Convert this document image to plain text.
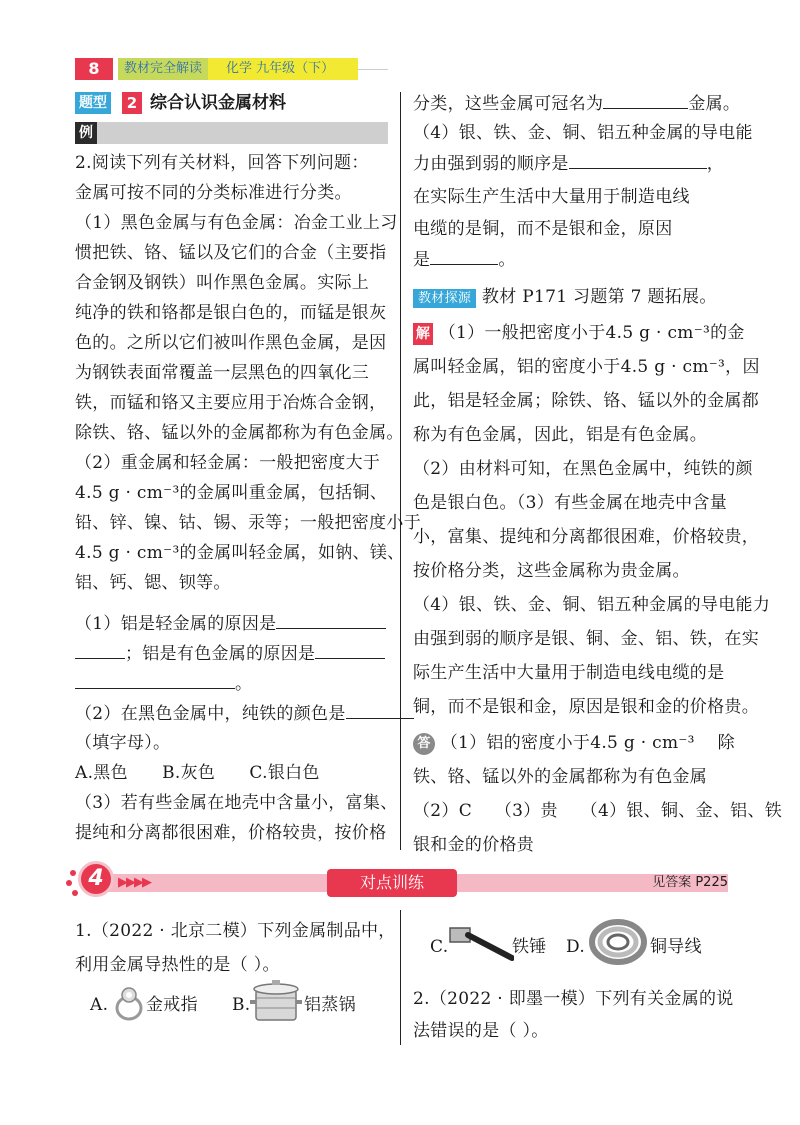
8	教材完全解读	化学 九年级（下）
题型	2 综合认识金属材料
例
2.阅读下列有关材料，回答下列问题：
金属可按不同的分类标准进行分类。
（1）黑色金属与有色金属：冶金工业上习
惯把铁、铬、锰以及它们的合金（主要指
合金钢及钢铁）叫作黑色金属。实际上
纯净的铁和铬都是银白色的，而锰是银灰
色的。之所以它们被叫作黑色金属，是因
为钢铁表面常覆盖一层黑色的四氧化三
铁，而锰和铬又主要应用于冶炼合金钢，
除铁、铬、锰以外的金属都称为有色金属。
（2）重金属和轻金属：一般把密度大于
4.5 g · cm⁻³的金属叫重金属，包括铜、
铅、锌、镍、钴、锡、汞等；一般把密度小于
4.5 g · cm⁻³的金属叫轻金属，如钠、镁、
铝、钙、锶、钡等。
（1）铝是轻金属的原因是
；铝是有色金属的原因是
。
（2）在黑色金属中，纯铁的颜色是
（填字母）。
A.黑色      B.灰色      C.银白色
（3）若有些金属在地壳中含量小，富集、
提纯和分离都很困难，价格较贵，按价格
分类，这些金属可冠名为	金属。
（4）银、铁、金、铜、铝五种金属的导电能
力由强到弱的顺序是	，
在实际生产生活中大量用于制造电线
电缆的是铜，而不是银和金，原因
是	。
教材探源 教材 P171 习题第 7 题拓展。
解 （1）一般把密度小于4.5 g · cm⁻³的金
属叫轻金属，铝的密度小于4.5 g · cm⁻³，因
此，铝是轻金属；除铁、铬、锰以外的金属都
称为有色金属，因此，铝是有色金属。
（2）由材料可知，在黑色金属中，纯铁的颜
色是银白色。（3）有些金属在地壳中含量
小，富集、提纯和分离都很困难，价格较贵，
按价格分类，这些金属称为贵金属。
（4）银、铁、金、铜、铝五种金属的导电能力
由强到弱的顺序是银、铜、金、铝、铁，在实
际生产生活中大量用于制造电线电缆的是
铜，而不是银和金，原因是银和金的价格贵。
答 （1）铝的密度小于4.5 g · cm⁻³    除
铁、铬、锰以外的金属都称为有色金属
（2）C    （3）贵    （4）银、铜、金、铝、铁
银和金的价格贵
4	▶▶▶▶	对点训练	见答案 P225
1.（2022 · 北京二模）下列金属制品中，
利用金属导热性的是（ ）。
A. 金戒指 B.	铝蒸锅
C.	铁锤 D.	铜导线
2.（2022 · 即墨一模）下列有关金属的说
法错误的是（ ）。
